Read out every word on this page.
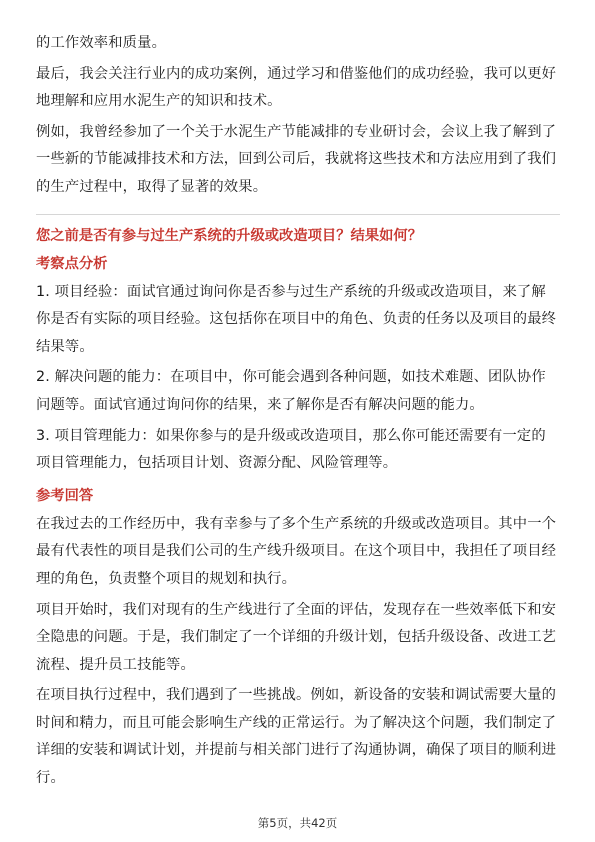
的工作效率和质量。

最后，我会关注行业内的成功案例，通过学习和借鉴他们的成功经验，我可以更好地理解和应用水泥生产的知识和技术。

例如，我曾经参加了一个关于水泥生产节能减排的专业研讨会，会议上我了解到了一些新的节能减排技术和方法，回到公司后，我就将这些技术和方法应用到了我们的生产过程中，取得了显著的效果。

您之前是否有参与过生产系统的升级或改造项目？结果如何？
考察点分析

1. 项目经验：面试官通过询问你是否参与过生产系统的升级或改造项目，来了解你是否有实际的项目经验。这包括你在项目中的角色、负责的任务以及项目的最终结果等。

2. 解决问题的能力：在项目中，你可能会遇到各种问题，如技术难题、团队协作问题等。面试官通过询问你的结果，来了解你是否有解决问题的能力。

3. 项目管理能力：如果你参与的是升级或改造项目，那么你可能还需要有一定的项目管理能力，包括项目计划、资源分配、风险管理等。

参考回答

在我过去的工作经历中，我有幸参与了多个生产系统的升级或改造项目。其中一个最有代表性的项目是我们公司的生产线升级项目。在这个项目中，我担任了项目经理的角色，负责整个项目的规划和执行。

项目开始时，我们对现有的生产线进行了全面的评估，发现存在一些效率低下和安全隐患的问题。于是，我们制定了一个详细的升级计划，包括升级设备、改进工艺流程、提升员工技能等。

在项目执行过程中，我们遇到了一些挑战。例如，新设备的安装和调试需要大量的时间和精力，而且可能会影响生产线的正常运行。为了解决这个问题，我们制定了详细的安装和调试计划，并提前与相关部门进行了沟通协调，确保了项目的顺利进行。

第5页，共42页
